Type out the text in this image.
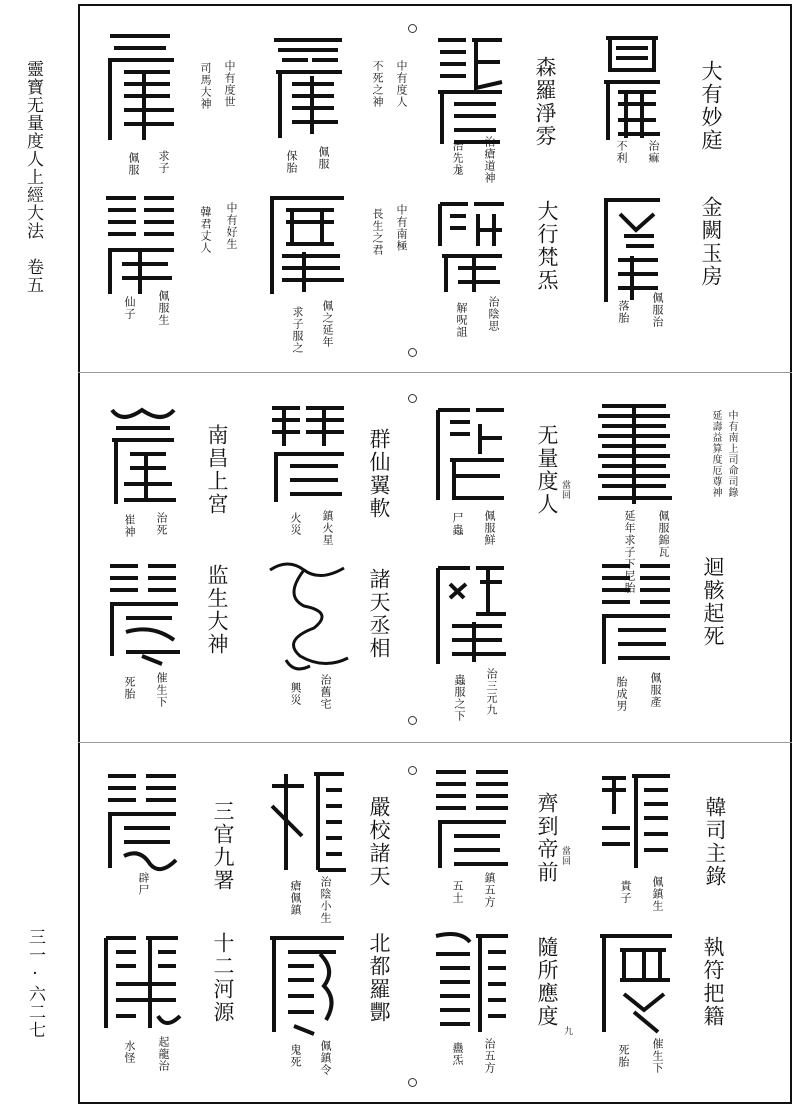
靈寶无量度人上經大法　卷五
三一·六二七
大有妙庭
治痲
不利
金闕玉房
佩服治
落胎
森羅淨雰
治瘡道神
治先尨
大行梵炁
治陰思
解呪詛
中有度人
不死之神
佩服
保胎
中有南極
長生之君
佩之延年
求子服之
中有度世
司馬大神
求子
佩服
中有好生
韓君丈人
佩服生
仙子
中有南上司命司錄
延壽益算度厄尊神
佩服錦瓦
延年求子下尼胎
迴骸起死
佩服產
胎成男
无量度人 當回
佩服鮮
尸蟲
治三元九
蟲服之下
群仙翼軟
鎮火星
火災
諸天丞相
治舊宅
興災
南昌上宮
治死
崔神
监生大神
催生下
死胎
韓司主錄
佩鎮生
貴子
執符把籍
催生下
死胎
齊到帝前 當回
隨所應度
九
鎮五方
五土
治五方
蠱炁
嚴校諸天
治陰小生
瘡佩鎮
北都羅酆
佩鎮令
鬼死
三官九署
辟尸
十二河源
起龍治
水怪
